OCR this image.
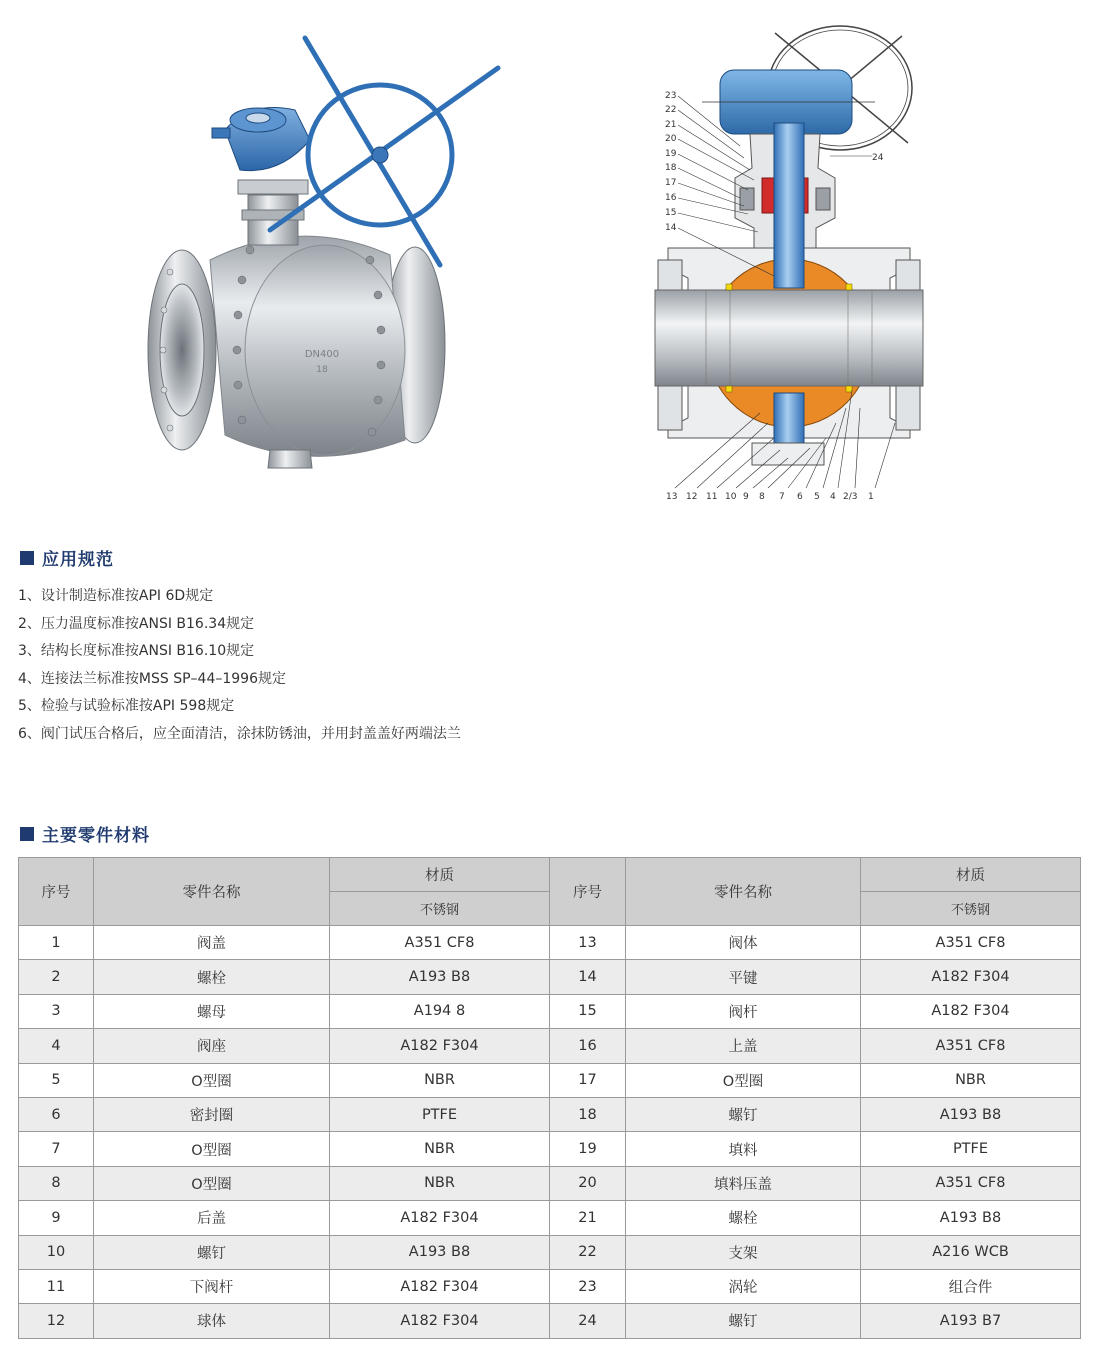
DN400
18
23
22
21
20
19
18
17
16
15
14
24
13 12 11 10 9 8 7 6 5 4 2/3 1
应用规范
1、设计制造标准按API 6D规定
2、压力温度标准按ANSI B16.34规定
3、结构长度标准按ANSI B16.10规定
4、连接法兰标准按MSS SP–44–1996规定
5、检验与试验标准按API 598规定
6、阀门试压合格后，应全面清洁，涂抹防锈油，并用封盖盖好两端法兰
主要零件材料
序号	零件名称	材质	序号	零件名称	材质
		不锈钢			不锈钢
1	阀盖	A351 CF8	13	阀体	A351 CF8
2	螺栓	A193 B8	14	平键	A182 F304
3	螺母	A194 8	15	阀杆	A182 F304
4	阀座	A182 F304	16	上盖	A351 CF8
5	O型圈	NBR	17	O型圈	NBR
6	密封圈	PTFE	18	螺钉	A193 B8
7	O型圈	NBR	19	填料	PTFE
8	O型圈	NBR	20	填料压盖	A351 CF8
9	后盖	A182 F304	21	螺栓	A193 B8
10	螺钉	A193 B8	22	支架	A216 WCB
11	下阀杆	A182 F304	23	涡轮	组合件
12	球体	A182 F304	24	螺钉	A193 B7
